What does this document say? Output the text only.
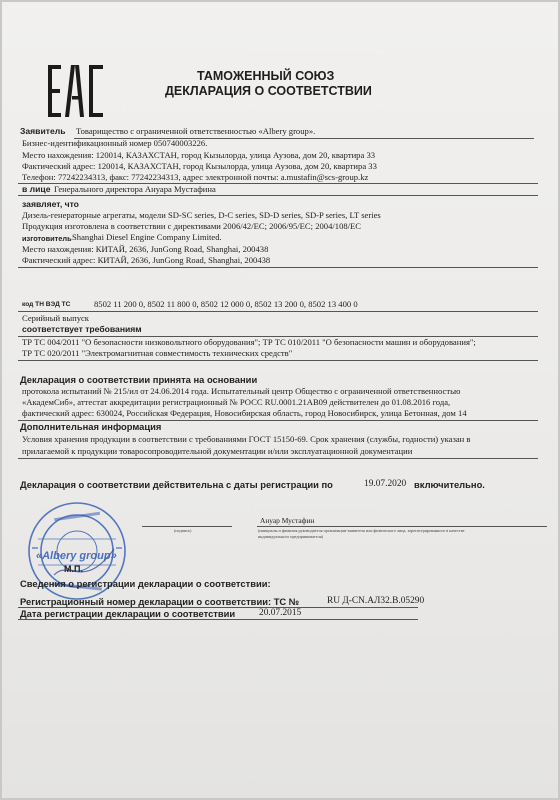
ТАМОЖЕННЫЙ СОЮЗ
ДЕКЛАРАЦИЯ О СООТВЕТСТВИИ
Заявитель Товарищество с ограниченной ответственностью «Albery group».
Бизнес-идентификационный номер 050740003226.
Место нахождения: 120014, КАЗАХСТАН, город Кызылорда, улица Аузова, дом 20, квартира 33
Фактический адрес: 120014, КАЗАХСТАН, город Кызылорда, улица Аузова, дом 20, квартира 33
Телефон: 77242234313, факс: 77242234313, адрес электронной почты: a.mustafin@scs-group.kz
в лице Генерального директора Ануара Мустафина
заявляет, что
Дизель-генераторные агрегаты, модели SD-SC series, D-C series, SD-D series, SD-P series, LT series
Продукция изготовлена в соответствии с директивами 2006/42/EC; 2006/95/EC; 2004/108/EC
изготовитель Shanghai Diesel Engine Company Limited.
Место нахождения: КИТАЙ, 2636, JunGong Road, Shanghai, 200438
Фактический адрес: КИТАЙ, 2636, JunGong Road, Shanghai, 200438
код ТН ВЭД ТС	8502 11 200 0, 8502 11 800 0, 8502 12 000 0, 8502 13 200 0, 8502 13 400 0
Серийный выпуск
соответствует требованиям
ТР ТС 004/2011 "О безопасности низковольтного оборудования"; ТР ТС 010/2011 "О безопасности машин и оборудования";
ТР ТС 020/2011 "Электромагнитная совместимость технических средств"
Декларация о соответствии принята на основании
протокола испытаний № 215/ил от 24.06.2014 года. Испытательный центр Общество с ограниченной ответственностью
«АкадемСиб», аттестат аккредитации регистрационный № РОСС RU.0001.21АВ09 действителен до 01.08.2016 года,
фактический адрес: 630024, Российская Федерация, Новосибирская область, город Новосибирск, улица Бетонная, дом 14
Дополнительная информация
Условия хранения продукции в соответствии с требованиями ГОСТ 15150-69. Срок хранения (службы, годности) указан в
прилагаемой к продукции товаросопроводительной документации и/или эксплуатационной документации
Декларация о соответствии действительна с даты регистрации по	19.07.2020 включительно.
Ануар Мустафин
(подпись)	(инициалы и фамилия руководителя организации-заявителя или физического лица, зарегистрированного в качестве
индивидуального предпринимателя)
«Albery group»
М.П.
Сведения о регистрации декларации о соответствии:
Регистрационный номер декларации о соответствии: ТС №	RU Д-CN.АЛ32.В.05290
Дата регистрации декларации о соответствии	20.07.2015
